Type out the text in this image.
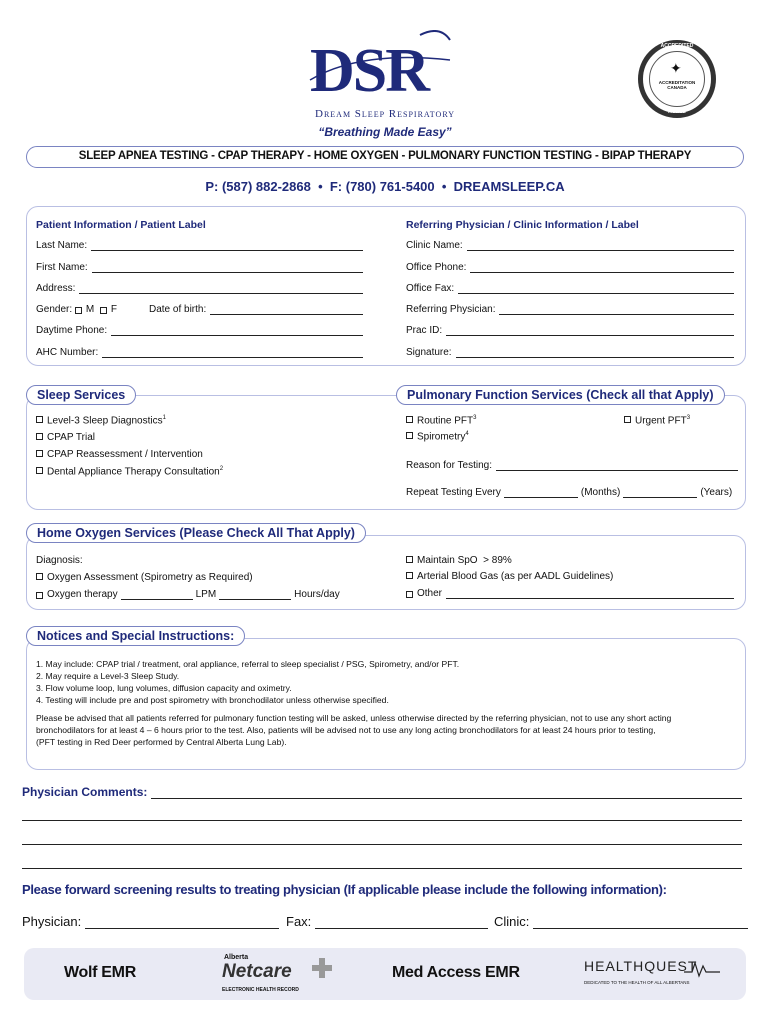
DSR
Dream Sleep Respiratory
“Breathing Made Easy”
ACCREDITED
✦
ACCREDITATION CANADA
AGRÉÉ
SLEEP APNEA TESTING - CPAP THERAPY - HOME OXYGEN - PULMONARY FUNCTION TESTING - BIPAP THERAPY
P: (587) 882-2868  •  F: (780) 761-5400  •  DREAMSLEEP.CA
Patient Information / Patient Label	Referring Physician / Clinic Information / Label
Last Name:
First Name:
Address:
Gender:
M
F	Date of birth:
Daytime Phone:
AHC Number:
Clinic Name:
Office Phone:
Office Fax:
Referring Physician:
Prac ID:
Signature:
Sleep Services	Pulmonary Function Services (Check all that Apply)
Level-3 Sleep Diagnostics$^1$
CPAP Trial
CPAP Reassessment / Intervention
Dental Appliance Therapy Consultation$^2$
Routine PFT$^3$	Urgent PFT$^3$
Spirometry$^4$
Reason for Testing:
Repeat Testing Every	(Months)	(Years)
Home Oxygen Services (Please Check All That Apply)
Diagnosis:
Oxygen Assessment (Spirometry as Required)
Oxygen therapy	LPM	Hours/day
Maintain SpO  > 89%
Arterial Blood Gas (as per AADL Guidelines)
Other
Notices and Special Instructions:
1. May include: CPAP trial / treatment, oral appliance, referral to sleep specialist / PSG, Spirometry, and/or PFT.
2. May require a Level-3 Sleep Study.
3. Flow volume loop, lung volumes, diffusion capacity and oximetry.
4. Testing will include pre and post spirometry with bronchodilator unless otherwise specified.
Please be advised that all patients referred for pulmonary function testing will be asked, unless otherwise directed by the referring physician, not to use any short acting
bronchodilators for at least 4 – 6 hours prior to the test. Also, patients will be advised not to use any long acting bronchodilators for at least 24 hours prior to testing,
(PFT testing in Red Deer performed by Central Alberta Lung Lab).
Physician Comments:
Please forward screening results to treating physician (If applicable please include the following information):
Physician:	Fax:	Clinic:
Wolf EMR
Alberta
Netcare
ELECTRONIC HEALTH RECORD
Med Access EMR	HEALTHQUEST
DEDICATED TO THE HEALTH OF ALL ALBERTANS
